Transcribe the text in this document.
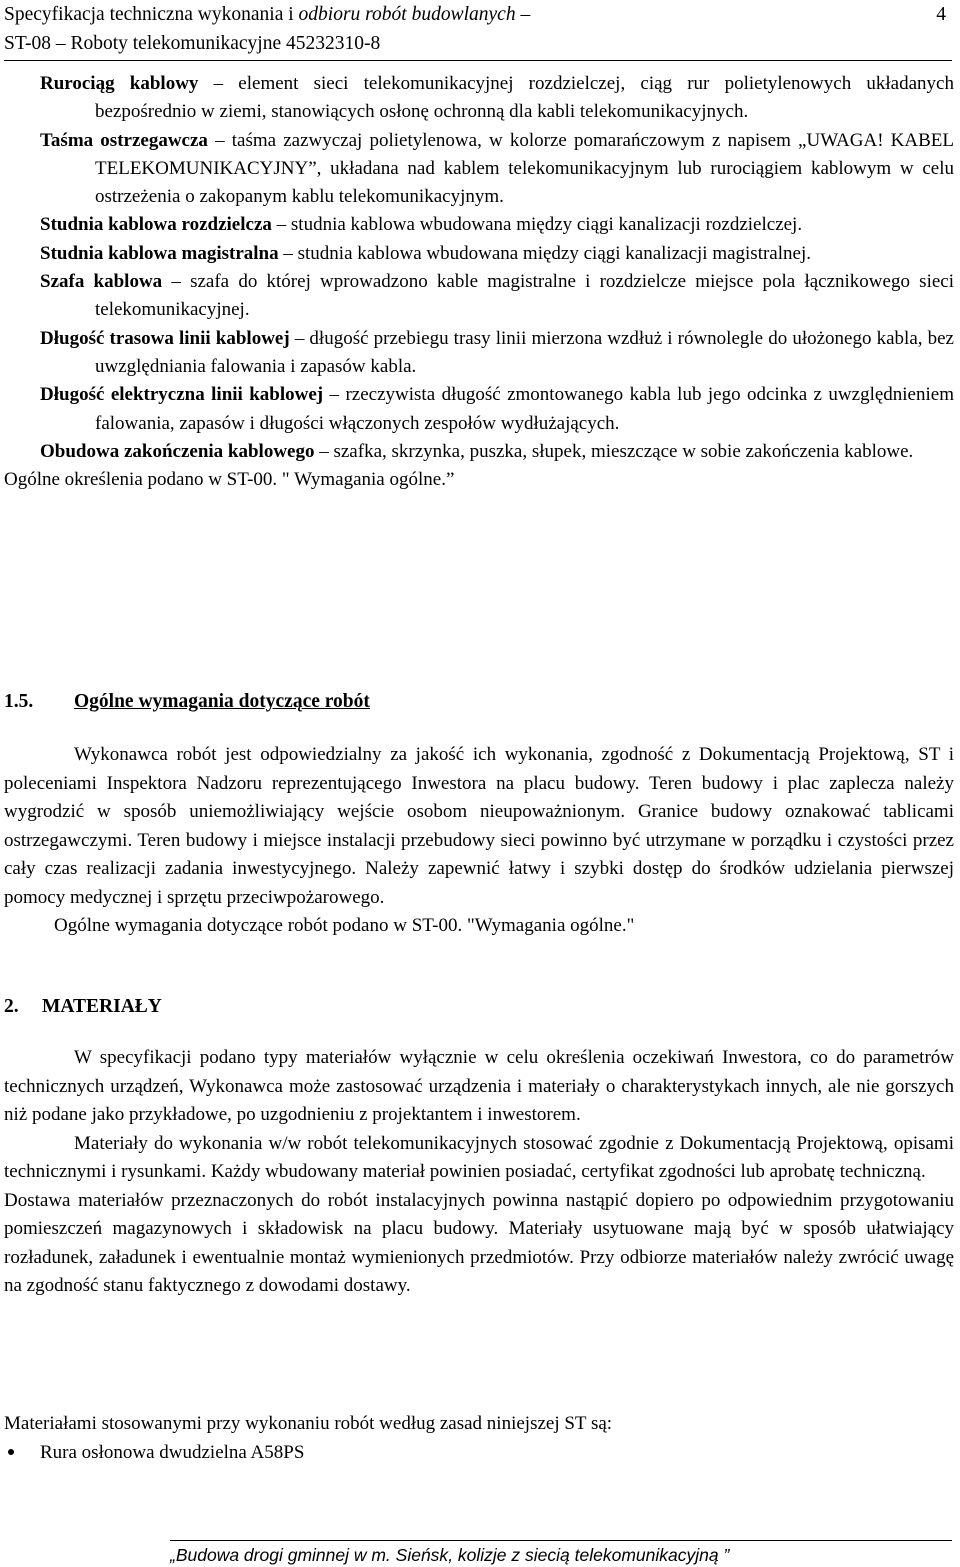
Specyfikacja techniczna wykonania i odbioru robót budowlanych –
ST-08 – Roboty telekomunikacyjne 45232310-8
4

Rurociąg kablowy – element sieci telekomunikacyjnej rozdzielczej, ciąg rur polietylenowych układanych bezpośrednio w ziemi, stanowiących osłonę ochronną dla kabli telekomunikacyjnych.

Taśma ostrzegawcza – taśma zazwyczaj polietylenowa, w kolorze pomarańczowym z napisem „UWAGA! KABEL TELEKOMUNIKACYJNY”, układana nad kablem telekomunikacyjnym lub rurociągiem kablowym w celu ostrzeżenia o zakopanym kablu telekomunikacyjnym.

Studnia kablowa rozdzielcza – studnia kablowa wbudowana między ciągi kanalizacji rozdzielczej.

Studnia kablowa magistralna – studnia kablowa wbudowana między ciągi kanalizacji magistralnej.

Szafa kablowa – szafa do której wprowadzono kable magistralne i rozdzielcze miejsce pola łącznikowego sieci telekomunikacyjnej.

Długość trasowa linii kablowej – długość przebiegu trasy linii mierzona wzdłuż i równolegle do ułożonego kabla, bez uwzględniania falowania i zapasów kabla.

Długość elektryczna linii kablowej – rzeczywista długość zmontowanego kabla lub jego odcinka z uwzględnieniem falowania, zapasów i długości włączonych zespołów wydłużających.

Obudowa zakończenia kablowego – szafka, skrzynka, puszka, słupek, mieszczące w sobie zakończenia kablowe.

Ogólne określenia podano w ST-00. " Wymagania ogólne.”

1.5. Ogólne wymagania dotyczące robót

Wykonawca robót jest odpowiedzialny za jakość ich wykonania, zgodność z Dokumentacją Projektową, ST i poleceniami Inspektora Nadzoru reprezentującego Inwestora na placu budowy. Teren budowy i plac zaplecza należy wygrodzić w sposób uniemożliwiający wejście osobom nieupoważnionym. Granice budowy oznakować tablicami ostrzegawczymi. Teren budowy i miejsce instalacji przebudowy sieci powinno być utrzymane w porządku i czystości przez cały czas realizacji zadania inwestycyjnego. Należy zapewnić łatwy i szybki dostęp do środków udzielania pierwszej pomocy medycznej i sprzętu przeciwpożarowego.

Ogólne wymagania dotyczące robót podano w ST-00. "Wymagania ogólne."

2. MATERIAŁY

W specyfikacji podano typy materiałów wyłącznie w celu określenia oczekiwań Inwestora, co do parametrów technicznych urządzeń, Wykonawca może zastosować urządzenia i materiały o charakterystykach innych, ale nie gorszych niż podane jako przykładowe, po uzgodnieniu z projektantem i inwestorem.

Materiały do wykonania w/w robót telekomunikacyjnych stosować zgodnie z Dokumentacją Projektową, opisami technicznymi i rysunkami. Każdy wbudowany materiał powinien posiadać, certyfikat zgodności lub aprobatę techniczną.

Dostawa materiałów przeznaczonych do robót instalacyjnych powinna nastąpić dopiero po odpowiednim przygotowaniu pomieszczeń magazynowych i składowisk na placu budowy. Materiały usytuowane mają być w sposób ułatwiający rozładunek, załadunek i ewentualnie montaż wymienionych przedmiotów. Przy odbiorze materiałów należy zwrócić uwagę na zgodność stanu faktycznego z dowodami dostawy.

Materiałami stosowanymi przy wykonaniu robót według zasad niniejszej ST są:

Rura osłonowa dwudzielna A58PS
„Budowa drogi gminnej w m. Sieńsk, kolizje z siecią telekomunikacyjną ”
